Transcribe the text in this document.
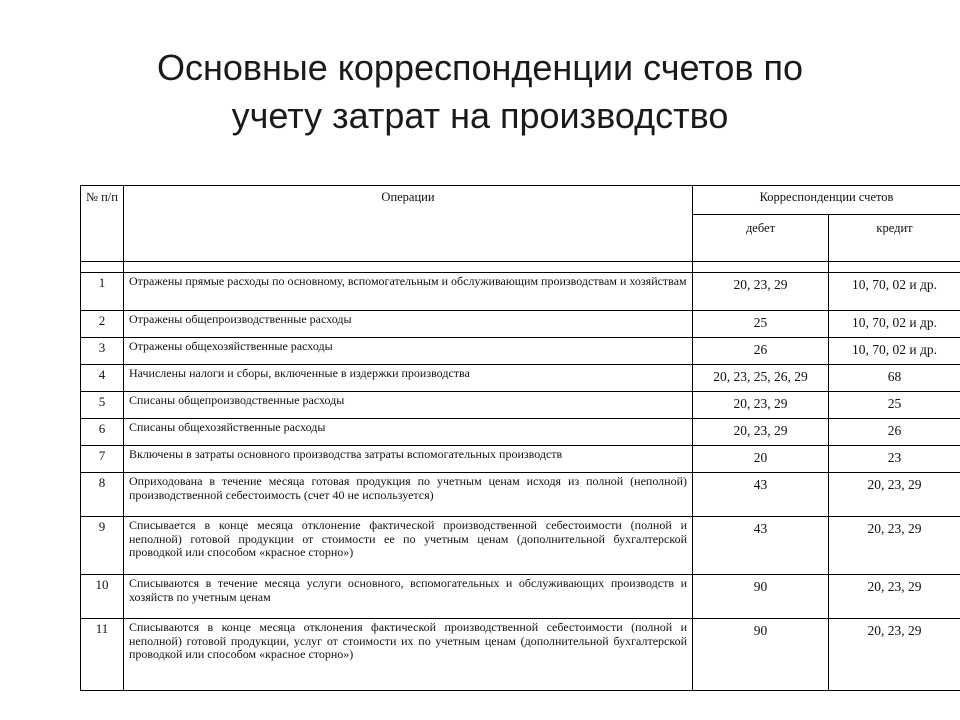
Основные корреспонденции счетов по
учету затрат на производство
№ п/п	Операции	Корреспонденции счетов	
		дебет	кредит

1	Отражены прямые расходы по основному, вспомогательным и обслуживающим производствам и хозяйствам	20, 23, 29	10, 70, 02 и др.
2	Отражены общепроизводственные расходы	25	10, 70, 02 и др.
3	Отражены общехозяйственные расходы	26	10, 70, 02 и др.
4	Начислены налоги и сборы, включенные в издержки производства	20, 23, 25, 26, 29	68
5	Списаны общепроизводственные расходы	20, 23, 29	25
6	Списаны общехозяйственные расходы	20, 23, 29	26
7	Включены в затраты основного производства затраты вспомогательных производств	20	23
8	Оприходована в течение месяца готовая продукция по учетным ценам исходя из полной (неполной) производственной себестоимость (счет 40 не используется)	43	20, 23, 29
9	Списывается в конце месяца отклонение фактической производственной себестоимости (полной и неполной) готовой продукции от стоимости ее по учетным ценам (дополнительной бухгалтерской проводкой или способом «красное сторно»)	43	20, 23, 29
10	Списываются в течение месяца услуги основного, вспомогательных и обслуживающих производств и хозяйств по учетным ценам	90	20, 23, 29
11	Списываются в конце месяца отклонения фактической производственной себестоимости (полной и неполной) готовой продукции, услуг от стоимости их по учетным ценам (дополнительной бухгалтерской проводкой или способом «красное сторно»)	90	20, 23, 29
